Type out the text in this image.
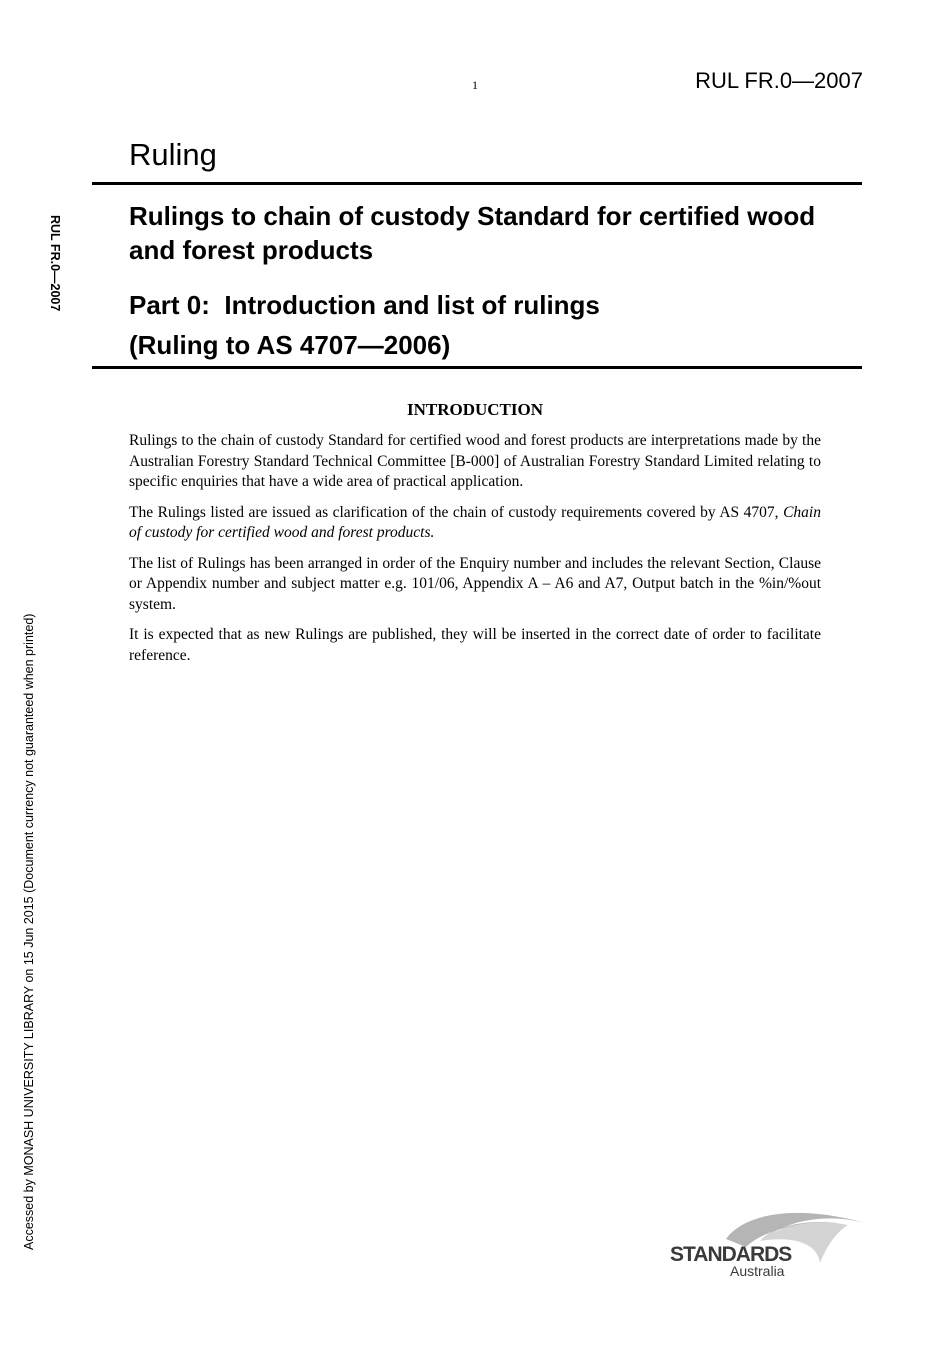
1	RUL FR.0—2007
Ruling
Rulings to chain of custody Standard for certified wood and forest products
Part 0:  Introduction and list of rulings
(Ruling to AS 4707—2006)
RUL FR.0—2007
Accessed by MONASH UNIVERSITY LIBRARY on 15 Jun 2015 (Document currency not guaranteed when printed)
INTRODUCTION

Rulings to the chain of custody Standard for certified wood and forest products are interpretations made by the Australian Forestry Standard Technical Committee [B-000] of Australian Forestry Standard Limited relating to specific enquiries that have a wide area of practical application.

The Rulings listed are issued as clarification of the chain of custody requirements covered by AS 4707, Chain of custody for certified wood and forest products.

The list of Rulings has been arranged in order of the Enquiry number and includes the relevant Section, Clause or Appendix number and subject matter e.g. 101/06, Appendix A – A6 and A7, Output batch in the %in/%out system.

It is expected that as new Rulings are published, they will be inserted in the correct date of order to facilitate reference.

STANDARDS
Australia
